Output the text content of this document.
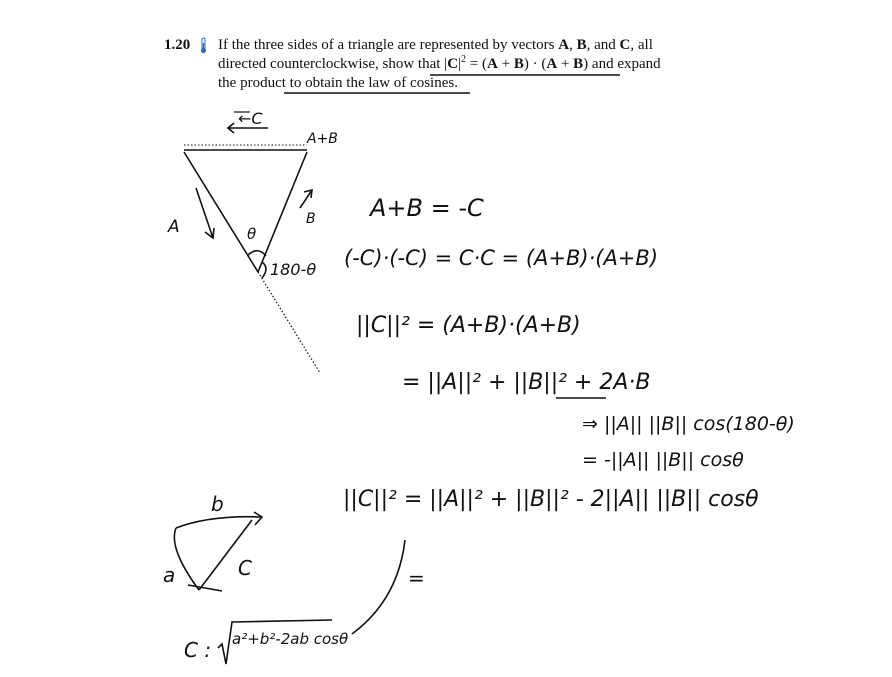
1.20 If the three sides of a triangle are represented by vectors A, B, and C, all
directed counterclockwise, show that $|C|^2 = (A + B) \cdot (A + B)$ and expand
the product to obtain the law of cosines.
←C
A+B
A	B
θ
180-θ
A+B = -C
(-C)·(-C) = C·C = (A+B)·(A+B)
||C||² = (A+B)·(A+B)
= ||A||² + ||B||² + 2A·B
⇒ ||A|| ||B|| cos(180-θ)
= -||A|| ||B|| cosθ
||C||² = ||A||² + ||B||² - 2||A|| ||B|| cosθ
=
b
a	C
C : a²+b²-2ab cosθ
